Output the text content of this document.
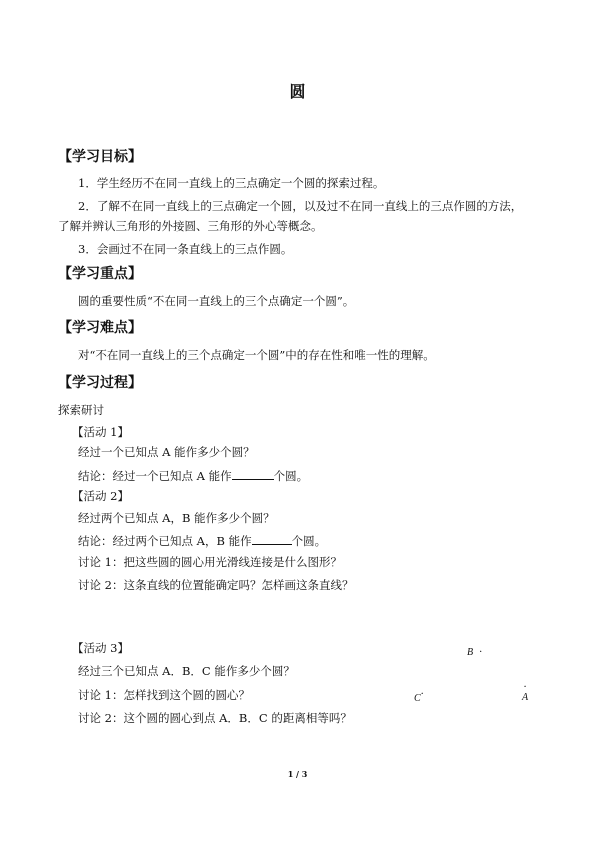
圆
【学习目标】
1．学生经历不在同一直线上的三点确定一个圆的探索过程。
2．了解不在同一直线上的三点确定一个圆，以及过不在同一直线上的三点作圆的方法，
了解并辨认三角形的外接圆、三角形的外心等概念。
3．会画过不在同一条直线上的三点作圆。
【学习重点】
圆的重要性质“不在同一直线上的三个点确定一个圆”。
【学习难点】
对“不在同一直线上的三个点确定一个圆”中的存在性和唯一性的理解。
【学习过程】
探索研讨
【活动 1】
经过一个已知点 A 能作多少个圆？
结论：经过一个已知点 A 能作	个圆。
【活动 2】
经过两个已知点 A，B 能作多少个圆？
结论：经过两个已知点 A，B 能作	个圆。
讨论 1：把这些圆的圆心用光滑线连接是什么图形？
讨论 2：这条直线的位置能确定吗？怎样画这条直线？
【活动 3】
经过三个已知点 A．B．C 能作多少个圆？
讨论 1：怎样找到这个圆的圆心？
讨论 2：这个圆的圆心到点 A．B．C 的距离相等吗？
B ·
C·
·
A
1 / 3
